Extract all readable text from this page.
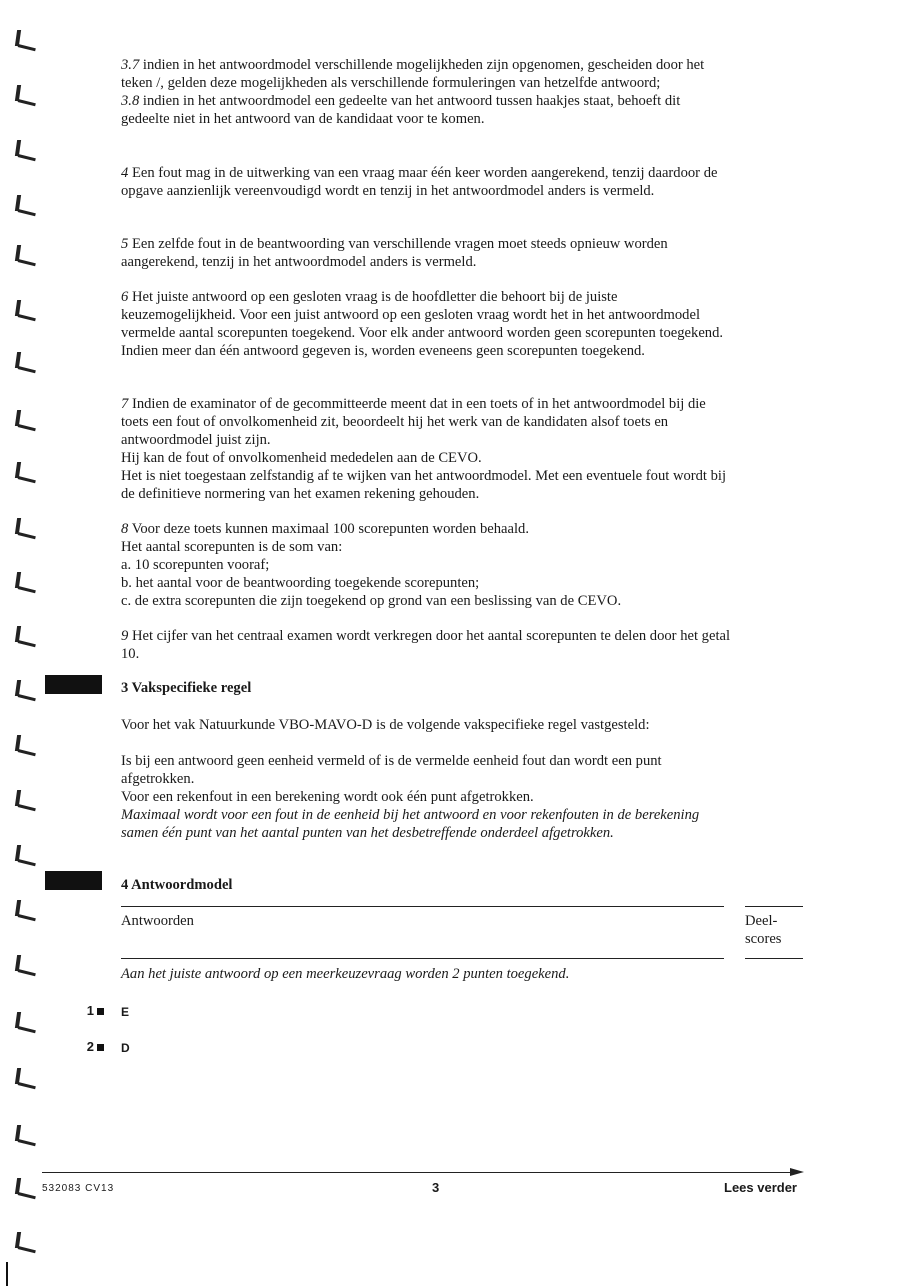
3.7 indien in het antwoordmodel verschillende mogelijkheden zijn opgenomen, gescheiden door het teken /, gelden deze mogelijkheden als verschillende formuleringen van hetzelfde antwoord;

3.8 indien in het antwoordmodel een gedeelte van het antwoord tussen haakjes staat, behoeft dit gedeelte niet in het antwoord van de kandidaat voor te komen.

4 Een fout mag in de uitwerking van een vraag maar één keer worden aangerekend, tenzij daardoor de opgave aanzienlijk vereenvoudigd wordt en tenzij in het antwoordmodel anders is vermeld.

5 Een zelfde fout in de beantwoording van verschillende vragen moet steeds opnieuw worden aangerekend, tenzij in het antwoordmodel anders is vermeld.

6 Het juiste antwoord op een gesloten vraag is de hoofdletter die behoort bij de juiste keuzemogelijkheid. Voor een juist antwoord op een gesloten vraag wordt het in het antwoordmodel vermelde aantal scorepunten toegekend. Voor elk ander antwoord worden geen scorepunten toegekend.

Indien meer dan één antwoord gegeven is, worden eveneens geen scorepunten toegekend.

7 Indien de examinator of de gecommitteerde meent dat in een toets of in het antwoordmodel bij die toets een fout of onvolkomenheid zit, beoordeelt hij het werk van de kandidaten alsof toets en antwoordmodel juist zijn.

Hij kan de fout of onvolkomenheid mededelen aan de CEVO.

Het is niet toegestaan zelfstandig af te wijken van het antwoordmodel. Met een eventuele fout wordt bij de definitieve normering van het examen rekening gehouden.

8 Voor deze toets kunnen maximaal 100 scorepunten worden behaald.

Het aantal scorepunten is de som van:

a. 10 scorepunten vooraf;

b. het aantal voor de beantwoording toegekende scorepunten;

c. de extra scorepunten die zijn toegekend op grond van een beslissing van de CEVO.

9 Het cijfer van het centraal examen wordt verkregen door het aantal scorepunten te delen door het getal 10.

3 Vakspecifieke regel

Voor het vak Natuurkunde VBO-MAVO-D is de volgende vakspecifieke regel vastgesteld:

Is bij een antwoord geen eenheid vermeld of is de vermelde eenheid fout dan wordt een punt afgetrokken.

Voor een rekenfout in een berekening wordt ook één punt afgetrokken.

Maximaal wordt voor een fout in de eenheid bij het antwoord en voor rekenfouten in de berekening samen één punt van het aantal punten van het desbetreffende onderdeel afgetrokken.

4 Antwoordmodel
Antwoorden	Deel-scores
Aan het juiste antwoord op een meerkeuzevraag worden 2 punten toegekend.
1 E
2 D
532083 CV13	3	Lees verder
